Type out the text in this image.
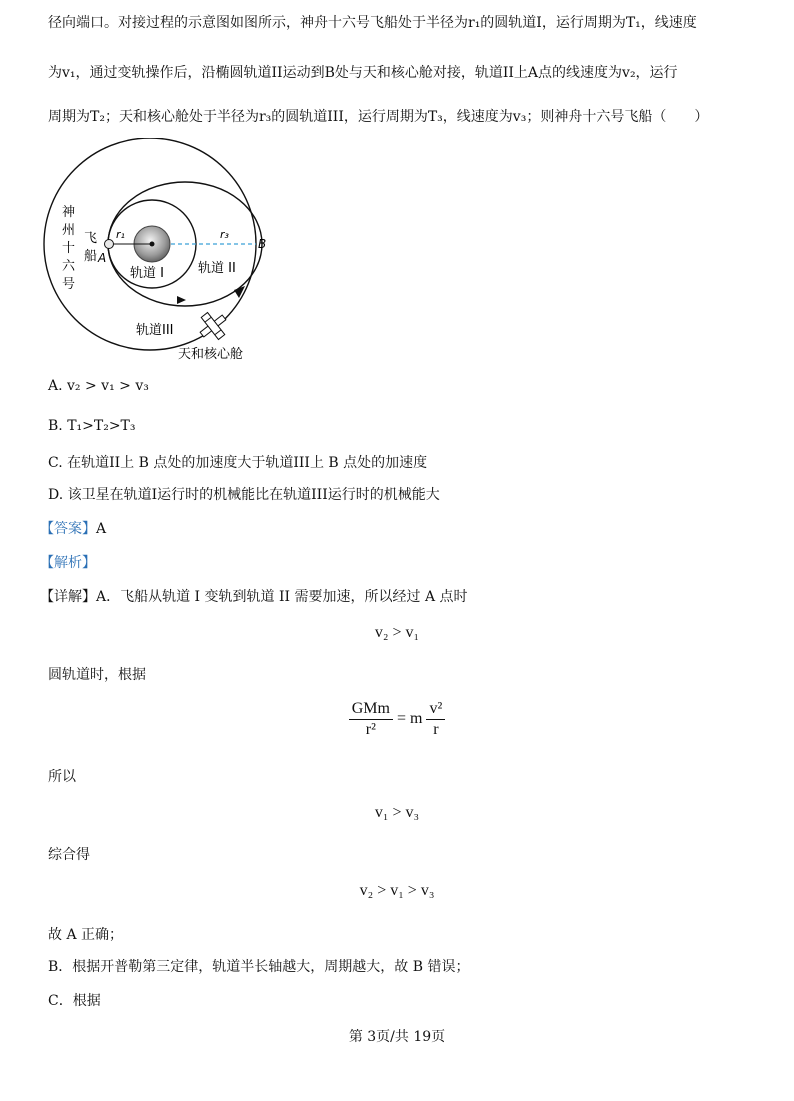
径向端口。对接过程的示意图如图所示，神舟十六号飞船处于半径为r₁的圆轨道I，运行周期为T₁，线速度
为v₁，通过变轨操作后，沿椭圆轨道II运动到B处与天和核心舱对接，轨道II上A点的线速度为v₂，运行
周期为T₂；天和核心舱处于半径为r₃的圆轨道III，运行周期为T₃，线速度为v₃；则神舟十六号飞船（　　）
神
州
十
六
号
飞
船 A
B
r₁	r₃
轨道 I	轨道 II
轨道III
天和核心舱
A. v₂ > v₁ > v₃
B. T₁>T₂>T₃
C. 在轨道II上 B 点处的加速度大于轨道III上 B 点处的加速度
D. 该卫星在轨道I运行时的机械能比在轨道III运行时的机械能大
【答案】A
【解析】
【详解】A．飞船从轨道 I 变轨到轨道 II 需要加速，所以经过 A 点时
v₂ > v₁
圆轨道时，根据
$\frac{\text{GMm}}{\text{r²}} = m \frac{\text{v²}}{r}$
所以
v₁ > v₃
综合得
v₂ > v₁ > v₃
故 A 正确；
B．根据开普勒第三定律，轨道半长轴越大，周期越大，故 B 错误；
C．根据
第 3页/共 19页
